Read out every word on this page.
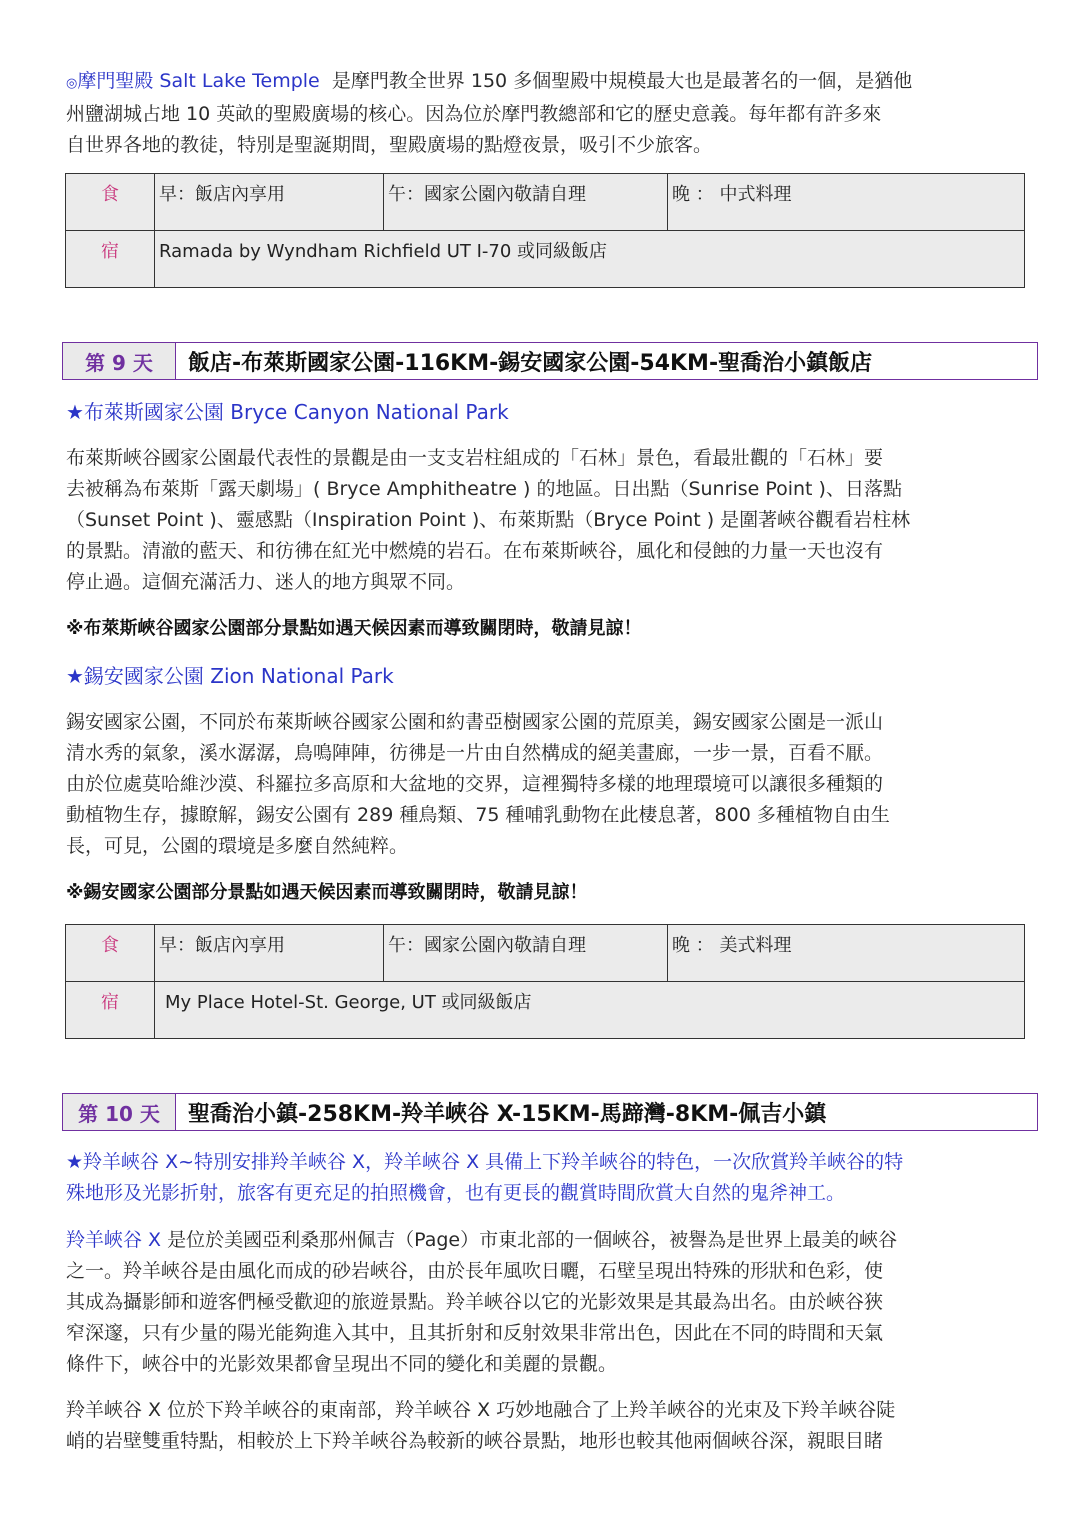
◎摩門聖殿 Salt Lake Temple 是摩門教全世界 150 多個聖殿中規模最大也是最著名的一個，是猶他

州鹽湖城占地 10 英畝的聖殿廣場的核心。因為位於摩門教總部和它的歷史意義。每年都有許多來

自世界各地的教徒，特別是聖誕期間，聖殿廣場的點燈夜景，吸引不少旅客。

食	早：飯店內享用	午：國家公園內敬請自理	晚 ： 中式料理
宿	Ramada by Wyndham Richfield UT I-70 或同級飯店		
第 9 天	飯店-布萊斯國家公園-116KM-錫安國家公園-54KM-聖喬治小鎮飯店
★布萊斯國家公園 Bryce Canyon National Park

布萊斯峽谷國家公園最代表性的景觀是由一支支岩柱組成的「石林」景色，看最壯觀的「石林」要

去被稱為布萊斯「露天劇場」( Bryce Amphitheatre ) 的地區。日出點（Sunrise Point )、日落點

（Sunset Point )、靈感點（Inspiration Point )、布萊斯點（Bryce Point ) 是圍著峽谷觀看岩柱林

的景點。清澈的藍天、和彷彿在紅光中燃燒的岩石。在布萊斯峽谷，風化和侵蝕的力量一天也沒有

停止過。這個充滿活力、迷人的地方與眾不同。

※布萊斯峽谷國家公園部分景點如遇天候因素而導致關閉時，敬請見諒！
★錫安國家公園 Zion National Park

錫安國家公園，不同於布萊斯峽谷國家公園和約書亞樹國家公園的荒原美，錫安國家公園是一派山

清水秀的氣象，溪水潺潺，鳥鳴陣陣，彷彿是一片由自然構成的絕美畫廊，一步一景，百看不厭。

由於位處莫哈維沙漠、科羅拉多高原和大盆地的交界，這裡獨特多樣的地理環境可以讓很多種類的

動植物生存，據瞭解，錫安公園有 289 種鳥類、75 種哺乳動物在此棲息著，800 多種植物自由生

長，可見，公園的環境是多麼自然純粹。

※錫安國家公園部分景點如遇天候因素而導致關閉時，敬請見諒！
食	早：飯店內享用	午：國家公園內敬請自理	晚 ： 美式料理
宿	My Place Hotel-St. George, UT 或同級飯店		
第 10 天	聖喬治小鎮-258KM-羚羊峽谷 X-15KM-馬蹄灣-8KM-佩吉小鎮

★羚羊峽谷 X~特別安排羚羊峽谷 X，羚羊峽谷 X 具備上下羚羊峽谷的特色，一次欣賞羚羊峽谷的特

殊地形及光影折射，旅客有更充足的拍照機會，也有更長的觀賞時間欣賞大自然的鬼斧神工。

羚羊峽谷 X 是位於美國亞利桑那州佩吉（Page）市東北部的一個峽谷，被譽為是世界上最美的峽谷

之一。羚羊峽谷是由風化而成的砂岩峽谷，由於長年風吹日曬，石壁呈現出特殊的形狀和色彩，使

其成為攝影師和遊客們極受歡迎的旅遊景點。羚羊峽谷以它的光影效果是其最為出名。由於峽谷狹

窄深邃，只有少量的陽光能夠進入其中，且其折射和反射效果非常出色，因此在不同的時間和天氣

條件下，峽谷中的光影效果都會呈現出不同的變化和美麗的景觀。

羚羊峽谷 X 位於下羚羊峽谷的東南部，羚羊峽谷 X 巧妙地融合了上羚羊峽谷的光束及下羚羊峽谷陡

峭的岩壁雙重特點，相較於上下羚羊峽谷為較新的峽谷景點，地形也較其他兩個峽谷深，親眼目睹
